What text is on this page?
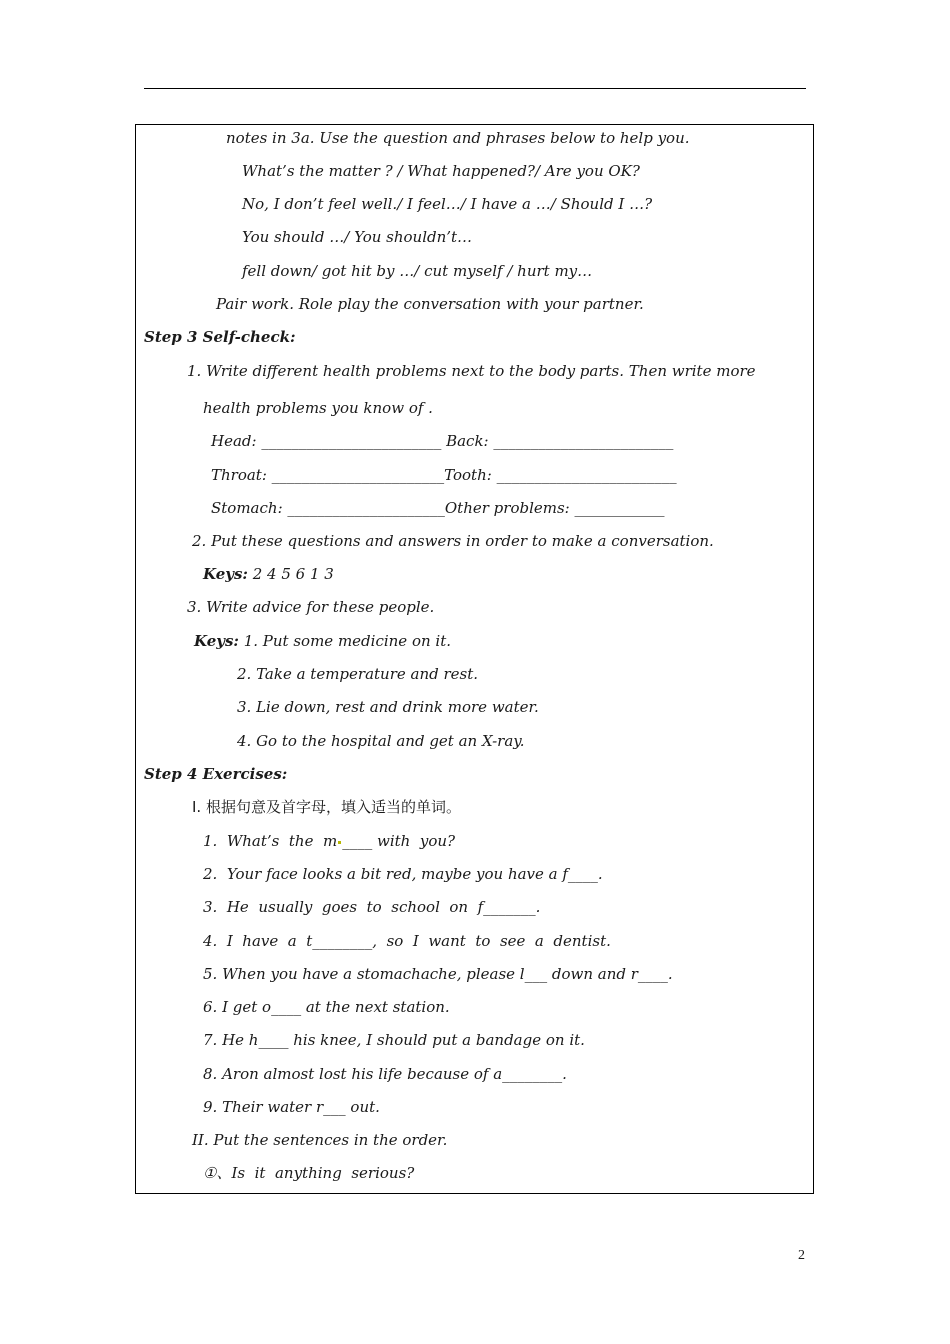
notes in 3a. Use the question and phrases below to help you.
What’s the matter ? / What happened?/ Are you OK?
No, I don’t feel well./ I feel…/ I have a …/ Should I …?
You should …/ You shouldn’t…
fell down/ got hit by …/ cut myself / hurt my…
Pair work. Role play the conversation with your partner.
Step 3 Self-check:
1. Write different health problems next to the body parts. Then write more
health problems you know of .
Head: ________________________ Back: ________________________
Throat: _______________________Tooth: ________________________
Stomach: _____________________Other problems: ____________
2. Put these questions and answers in order to make a conversation.
Keys: 2 4 5 6 1 3
3. Write advice for these people.
Keys: 1. Put some medicine on it.
2. Take a temperature and rest.
3. Lie down, rest and drink more water.
4. Go to the hospital and get an X-ray.
Step 4 Exercises:
I. 根据句意及首字母，填入适当的单词。
1.  What’s  the  m ____ with  you?
2.  Your face looks a bit red, maybe you have a f____.
3.  He  usually  goes  to  school  on  f_______.
4.  I  have  a  t________,  so  I  want  to  see  a  dentist.
5. When you have a stomachache, please l___ down and r____.
6. I get o____ at the next station.
7. He h____ his knee, I should put a bandage on it.
8. Aron almost lost his life because of a________.
9. Their water r___ out.
II. Put the sentences in the order.
①、Is  it  anything  serious?
2
